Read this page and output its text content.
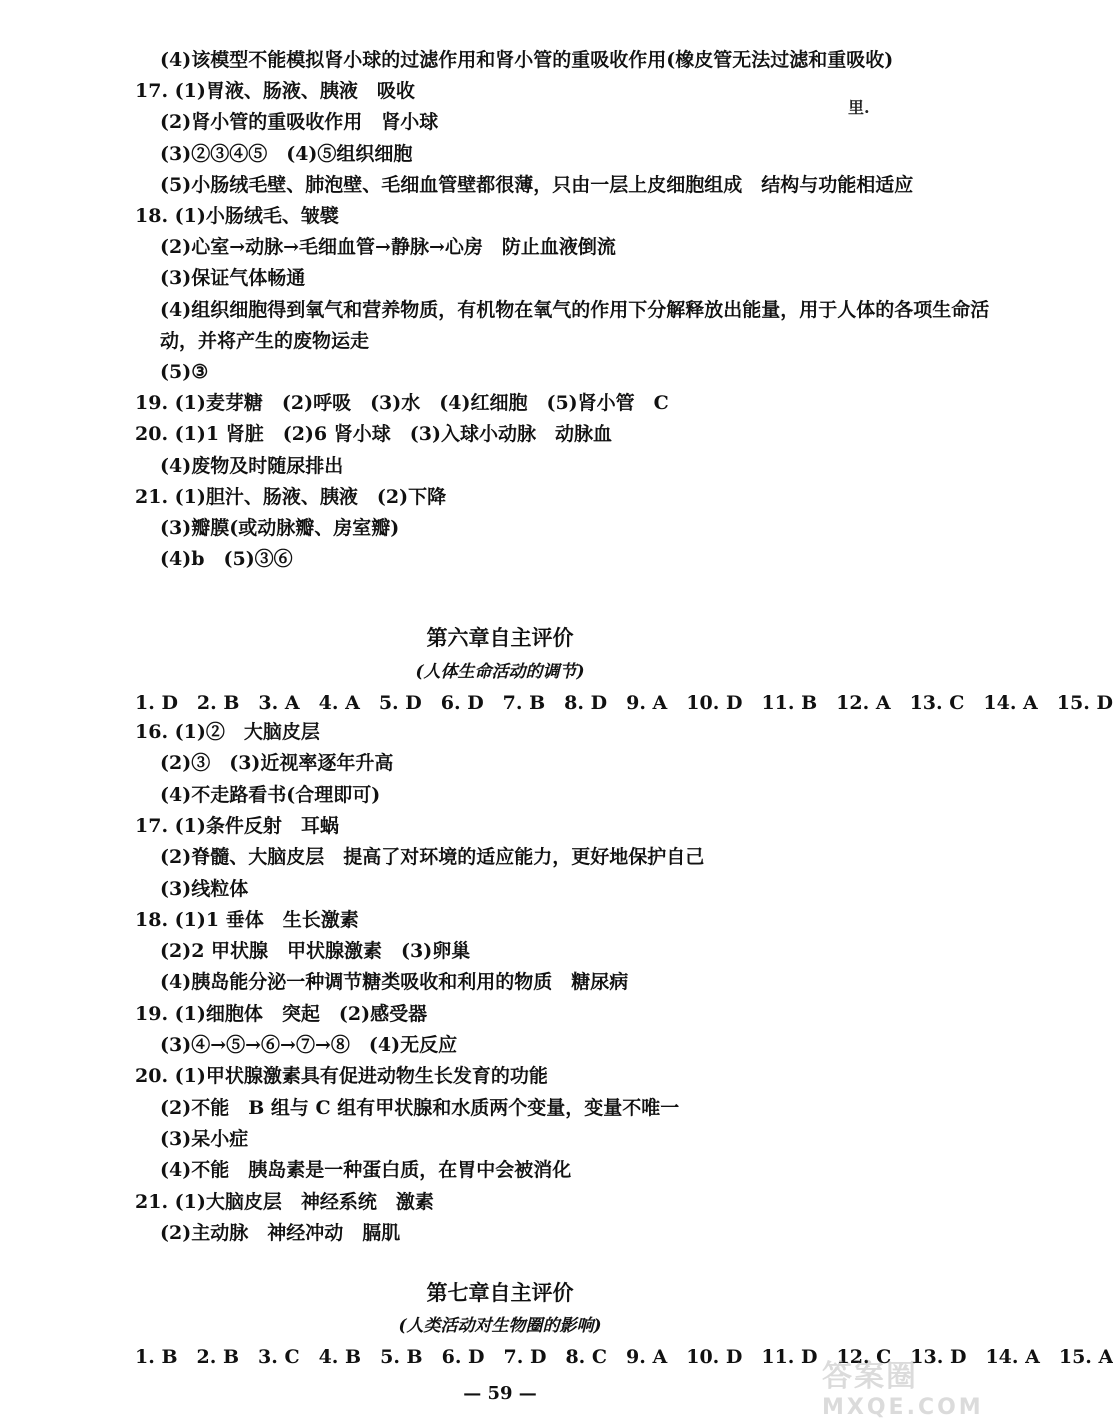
(4)该模型不能模拟肾小球的过滤作用和肾小管的重吸收作用(橡皮管无法过滤和重吸收)
17. (1)胃液、肠液、胰液　吸收
(2)肾小管的重吸收作用　肾小球
(3)②③④⑤　(4)⑤组织细胞
(5)小肠绒毛壁、肺泡壁、毛细血管壁都很薄，只由一层上皮细胞组成　结构与功能相适应
18. (1)小肠绒毛、皱襞
(2)心室→动脉→毛细血管→静脉→心房　防止血液倒流
(3)保证气体畅通
(4)组织细胞得到氧气和营养物质，有机物在氧气的作用下分解释放出能量，用于人体的各项生命活
动，并将产生的废物运走
(5)③
19. (1)麦芽糖　(2)呼吸　(3)水　(4)红细胞　(5)肾小管　C
20. (1)1 肾脏　(2)6 肾小球　(3)入球小动脉　动脉血
(4)废物及时随尿排出
21. (1)胆汁、肠液、胰液　(2)下降
(3)瓣膜(或动脉瓣、房室瓣)
(4)b　(5)③⑥
里.
第六章自主评价
(人体生命活动的调节)
1. D　2. B　3. A　4. A　5. D　6. D　7. B　8. D　9. A　10. D　11. B　12. A　13. C　14. A　15. D
16. (1)②　大脑皮层
(2)③　(3)近视率逐年升高
(4)不走路看书(合理即可)
17. (1)条件反射　耳蜗
(2)脊髓、大脑皮层　提高了对环境的适应能力，更好地保护自己
(3)线粒体
18. (1)1 垂体　生长激素
(2)2 甲状腺　甲状腺激素　(3)卵巢
(4)胰岛能分泌一种调节糖类吸收和利用的物质　糖尿病
19. (1)细胞体　突起　(2)感受器
(3)④→⑤→⑥→⑦→⑧　(4)无反应
20. (1)甲状腺激素具有促进动物生长发育的功能
(2)不能　B 组与 C 组有甲状腺和水质两个变量，变量不唯一
(3)呆小症
(4)不能　胰岛素是一种蛋白质，在胃中会被消化
21. (1)大脑皮层　神经系统　激素
(2)主动脉　神经冲动　膈肌
第七章自主评价
(人类活动对生物圈的影响)
1. B　2. B　3. C　4. B　5. B　6. D　7. D　8. C　9. A　10. D　11. D　12. C　13. D　14. A　15. A
— 59 —	答案圈
MXQE.COM
